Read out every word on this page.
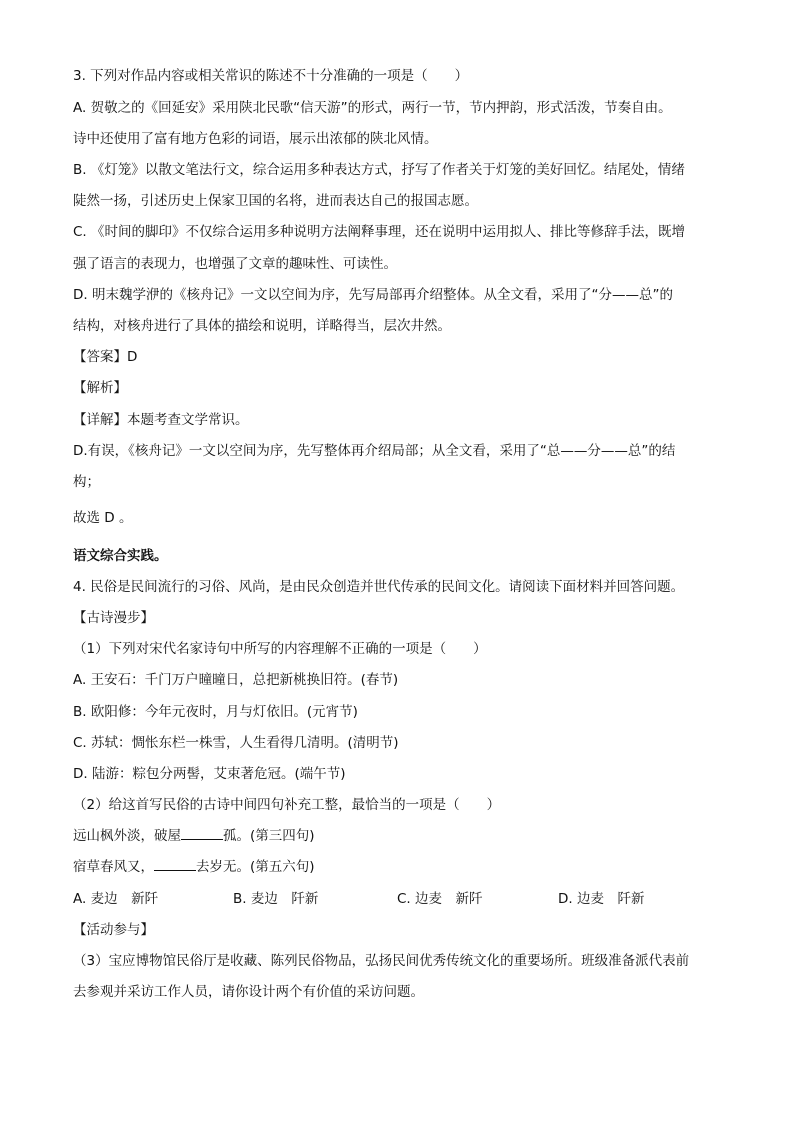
3. 下列对作品内容或相关常识的陈述不十分准确的一项是（　　）
A. 贺敬之的《回延安》采用陕北民歌“信天游”的形式，两行一节，节内押韵，形式活泼，节奏自由。
诗中还使用了富有地方色彩的词语，展示出浓郁的陕北风情。
B. 《灯笼》以散文笔法行文，综合运用多种表达方式，抒写了作者关于灯笼的美好回忆。结尾处，情绪
陡然一扬，引述历史上保家卫国的名将，进而表达自己的报国志愿。
C. 《时间的脚印》不仅综合运用多种说明方法阐释事理，还在说明中运用拟人、排比等修辞手法，既增
强了语言的表现力，也增强了文章的趣味性、可读性。
D. 明末魏学洢的《核舟记》一文以空间为序，先写局部再介绍整体。从全文看，采用了“分——总”的
结构，对核舟进行了具体的描绘和说明，详略得当，层次井然。
【答案】D
【解析】
【详解】本题考查文学常识。
D.有误，《核舟记》一文以空间为序，先写整体再介绍局部；从全文看，采用了“总——分——总”的结
构；
故选 D 。
语文综合实践。
4. 民俗是民间流行的习俗、风尚，是由民众创造并世代传承的民间文化。请阅读下面材料并回答问题。
【古诗漫步】
（1）下列对宋代名家诗句中所写的内容理解不正确的一项是（　　）
A. 王安石：千门万户曈曈日，总把新桃换旧符。(春节)
B. 欧阳修：今年元夜时，月与灯依旧。(元宵节)
C. 苏轼：惆怅东栏一株雪，人生看得几清明。(清明节)
D. 陆游：粽包分两髻，艾束著危冠。(端午节)
（2）给这首写民俗的古诗中间四句补充工整，最恰当的一项是（　　）
远山枫外淡，破屋	孤。(第三四句)
宿草春风又，	去岁无。(第五六句)
A. 麦边　新阡	B. 麦边　阡新	C. 边麦　新阡	D. 边麦　阡新
【活动参与】
（3）宝应博物馆民俗厅是收藏、陈列民俗物品，弘扬民间优秀传统文化的重要场所。班级准备派代表前
去参观并采访工作人员，请你设计两个有价值的采访问题。
